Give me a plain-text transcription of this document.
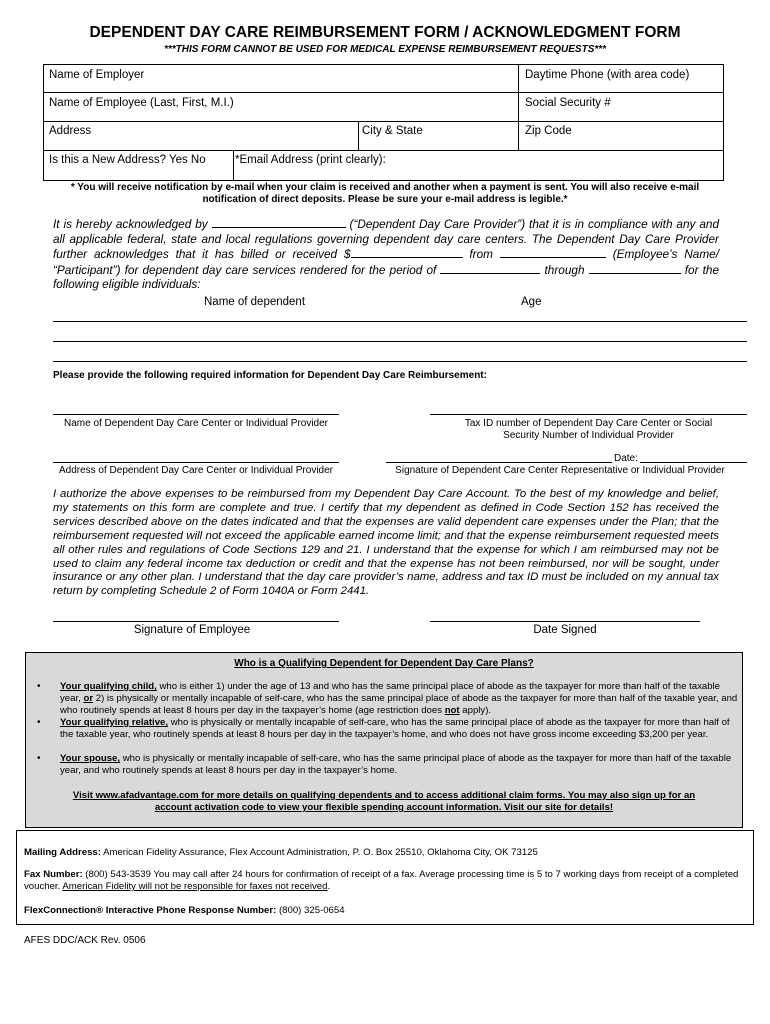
DEPENDENT DAY CARE REIMBURSEMENT FORM / ACKNOWLEDGMENT FORM
***THIS FORM CANNOT BE USED FOR MEDICAL EXPENSE REIMBURSEMENT REQUESTS***
Name of Employer	Daytime Phone (with area code)
Name of Employee (Last, First, M.I.)	Social Security #
Address	City & State	Zip Code
Is this a New Address? Yes No	*Email Address (print clearly):
* You will receive notification by e-mail when your claim is received and another when a payment is sent. You will also receive e-mail
notification of direct deposits. Please be sure your e-mail address is legible.*
It is hereby acknowledged by	(“Dependent Day Care Provider”) that it is in compliance with any and all applicable federal, state and local regulations governing dependent day care centers. The Dependent Day Care Provider further acknowledges that it has billed or received $	from	(Employee’s Name/ “Participant”) for dependent day care services rendered for the period of	through	for the following eligible individuals:
Name of dependent	Age
Please provide the following required information for Dependent Day Care Reimbursement:
Name of Dependent Day Care Center or Individual Provider	Tax ID number of Dependent Day Care Center or Social
Security Number of Individual Provider
Date:
Address of Dependent Day Care Center or Individual Provider	Signature of Dependent Care Center Representative or Individual Provider
I authorize the above expenses to be reimbursed from my Dependent Day Care Account. To the best of my knowledge and belief, my statements on this form are complete and true. I certify that my dependent as defined in Code Section 152 has received the services described above on the dates indicated and that the expenses are valid dependent care expenses under the Plan; that the reimbursement requested will not exceed the applicable earned income limit; and that the expense reimbursement requested meets all other rules and regulations of Code Sections 129 and 21. I understand that the expense for which I am reimbursed may not be used to claim any federal income tax deduction or credit and that the expense has not been reimbursed, nor will be sought, under insurance or any other plan. I understand that the day care provider’s name, address and tax ID must be included on my annual tax return by completing Schedule 2 of Form 1040A or Form 2441.
Signature of Employee	Date Signed
Who is a Qualifying Dependent for Dependent Day Care Plans?
• Your qualifying child, who is either 1) under the age of 13 and who has the same principal place of abode as the taxpayer for more than half of the taxable year, or 2) is physically or mentally incapable of self-care, who has the same principal place of abode as the taxpayer for more than half of the taxable year, and who routinely spends at least 8 hours per day in the taxpayer’s home (age restriction does not apply).
• Your qualifying relative, who is physically or mentally incapable of self-care, who has the same principal place of abode as the taxpayer for more than half of the taxable year, who routinely spends at least 8 hours per day in the taxpayer’s home, and who does not have gross income exceeding $3,200 per year.
• Your spouse, who is physically or mentally incapable of self-care, who has the same principal place of abode as the taxpayer for more than half of the taxable year, and who routinely spends at least 8 hours per day in the taxpayer’s home.
Visit www.afadvantage.com for more details on qualifying dependents and to access additional claim forms. You may also sign up for an
account activation code to view your flexible spending account information. Visit our site for details!
Mailing Address: American Fidelity Assurance, Flex Account Administration, P. O. Box 25510, Oklahoma City, OK 73125
Fax Number: (800) 543-3539 You may call after 24 hours for confirmation of receipt of a fax. Average processing time is 5 to 7 working days from receipt of a completed voucher. American Fidelity will not be responsible for faxes not received.
FlexConnection® Interactive Phone Response Number: (800) 325-0654
AFES DDC/ACK Rev. 0506
